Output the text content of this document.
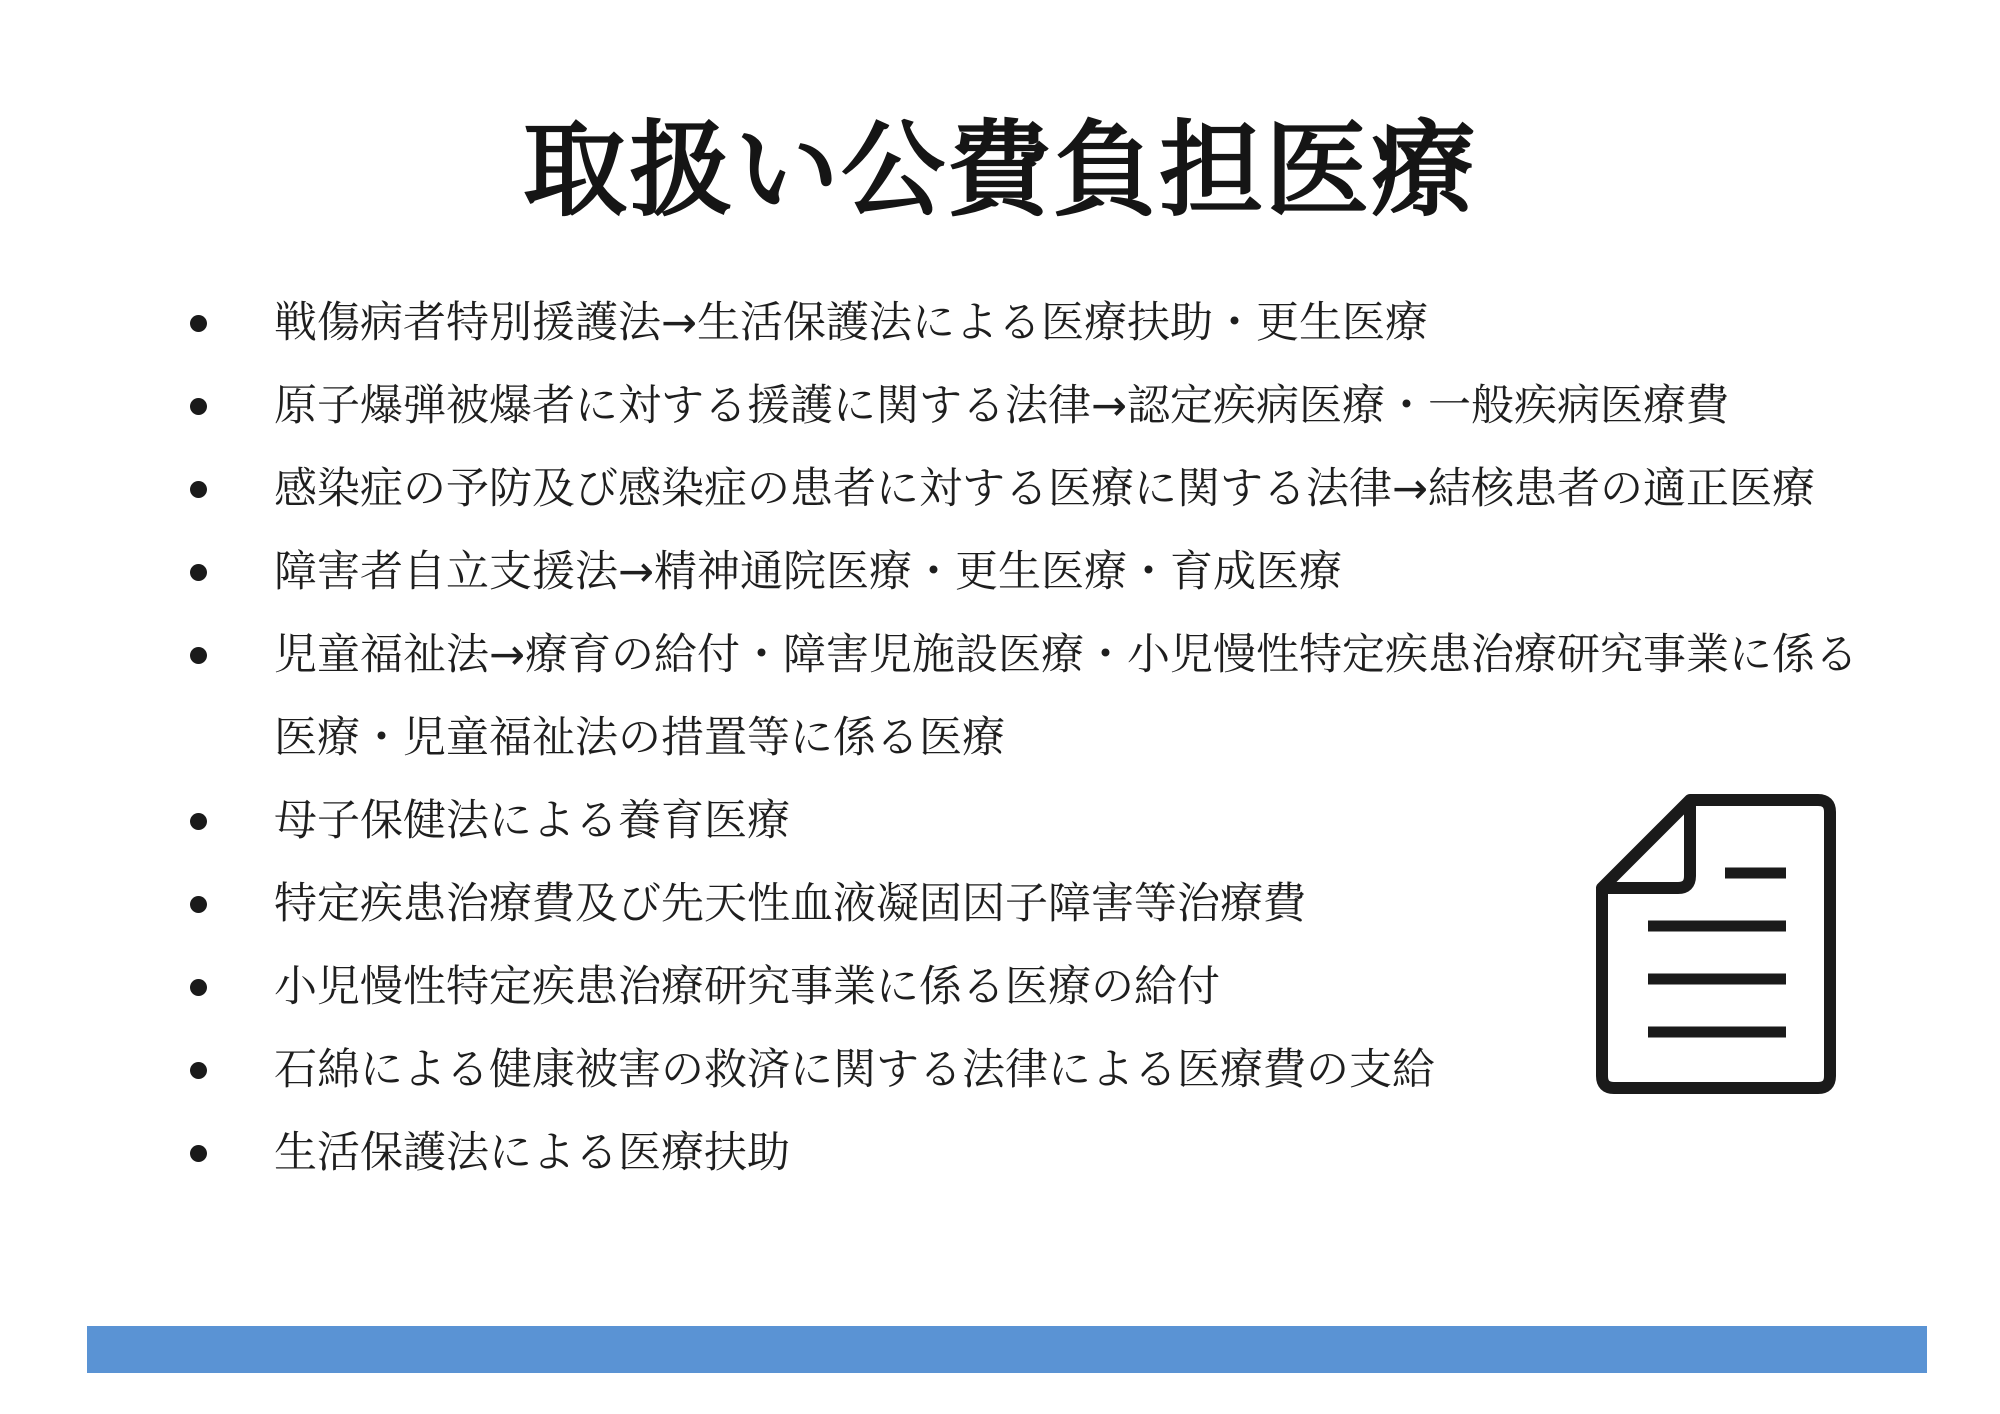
取扱い公費負担医療
戦傷病者特別援護法→生活保護法による医療扶助・更生医療
原子爆弾被爆者に対する援護に関する法律→認定疾病医療・一般疾病医療費
感染症の予防及び感染症の患者に対する医療に関する法律→結核患者の適正医療
障害者自立支援法→精神通院医療・更生医療・育成医療
児童福祉法→療育の給付・障害児施設医療・小児慢性特定疾患治療研究事業に係る
医療・児童福祉法の措置等に係る医療
母子保健法による養育医療
特定疾患治療費及び先天性血液凝固因子障害等治療費
小児慢性特定疾患治療研究事業に係る医療の給付
石綿による健康被害の救済に関する法律による医療費の支給
生活保護法による医療扶助
